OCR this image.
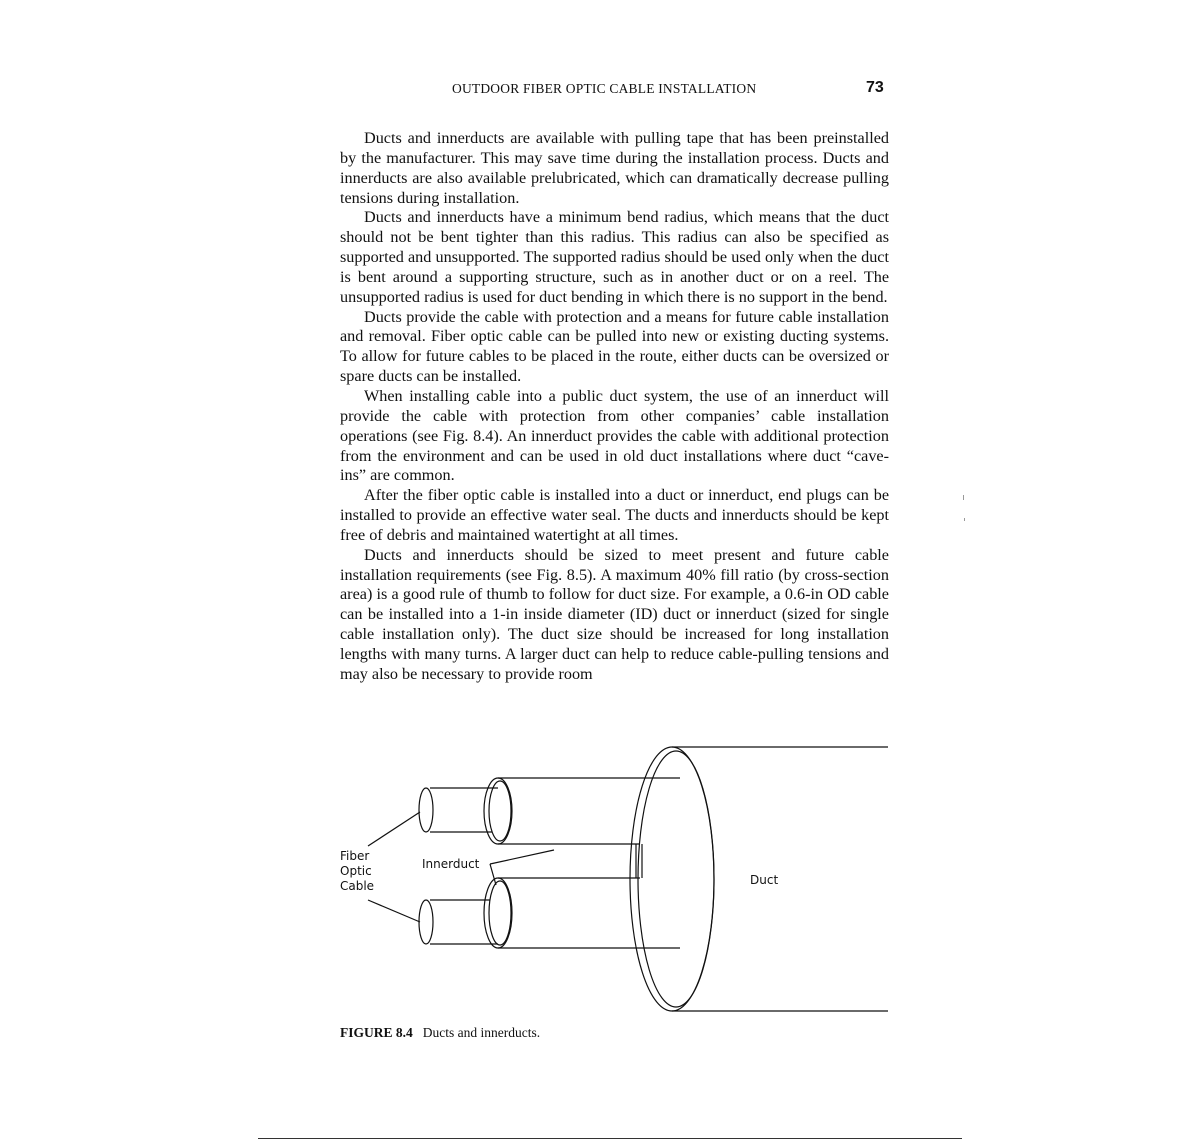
OUTDOOR FIBER OPTIC CABLE INSTALLATION	73

Ducts and innerducts are available with pulling tape that has been preinstalled by the manufacturer. This may save time during the installation process. Ducts and innerducts are also available prelubricated, which can dramatically decrease pulling tensions during installation.

Ducts and innerducts have a minimum bend radius, which means that the duct should not be bent tighter than this radius. This radius can also be specified as supported and unsupported. The supported radius should be used only when the duct is bent around a supporting structure, such as in another duct or on a reel. The unsupported radius is used for duct bending in which there is no support in the bend.

Ducts provide the cable with protection and a means for future cable installation and removal. Fiber optic cable can be pulled into new or existing ducting systems. To allow for future cables to be placed in the route, either ducts can be oversized or spare ducts can be installed.

When installing cable into a public duct system, the use of an innerduct will provide the cable with protection from other companies’ cable installation operations (see Fig. 8.4). An innerduct provides the cable with additional protection from the environment and can be used in old duct installations where duct “cave-ins” are common.

After the fiber optic cable is installed into a duct or innerduct, end plugs can be installed to provide an effective water seal. The ducts and innerducts should be kept free of debris and maintained watertight at all times.

Ducts and innerducts should be sized to meet present and future cable installation requirements (see Fig. 8.5). A maximum 40% fill ratio (by cross-section area) is a good rule of thumb to follow for duct size. For example, a 0.6-in OD cable can be installed into a 1-in inside diameter (ID) duct or innerduct (sized for single cable installation only). The duct size should be increased for long installation lengths with many turns. A larger duct can help to reduce cable-pulling tensions and may also be necessary to provide room

Fiber
Optic
Cable
Innerduct
Duct
FIGURE 8.4 Ducts and innerducts.
